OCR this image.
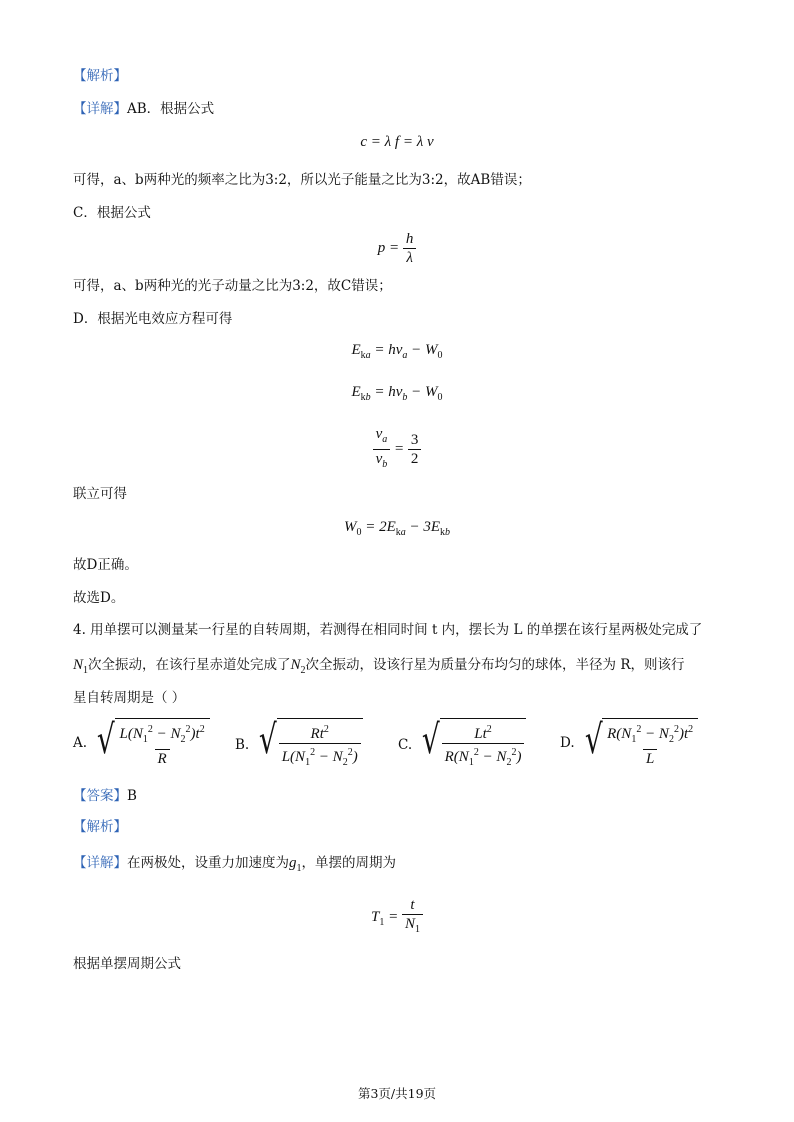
【解析】
【详解】AB．根据公式
c = λ f = λ ν
可得，a、b两种光的频率之比为3:2，所以光子能量之比为3:2，故AB错误；
C．根据公式
$p = \frac{h}{\lambda}$
可得，a、b两种光的光子动量之比为3:2，故C错误；
D．根据光电效应方程可得
$E_{ka} = h\nu_a - W_0$
$E_{kb} = h\nu_b - W_0$
$\frac{\nu_a}{\nu_b} = \frac{3}{2}$
联立可得
$W_0 = 2E_{ka} - 3E_{kb}$
故D正确。
故选D。
4. 用单摆可以测量某一行星的自转周期，若测得在相同时间 t 内，摆长为 L 的单摆在该行星两极处完成了
$N_1$次全振动，在该行星赤道处完成了$N_2$次全振动，设该行星为质量分布均匀的球体，半径为 R，则该行
星自转周期是（ ）
A. √ $\frac{L(N_1^2 - N_2^2)t^2}{R} B$. √ $\frac{Rt^2}{L(N_1^2 - N_2^2)}$	C. √ $\frac{Lt^2}{R(N_1^2 - N_2^2)}$	D. √ $\frac{R(N_1^2 - N_2^2)t^2}{L}$
【答案】B
【解析】
【详解】在两极处，设重力加速度为$g_1$，单摆的周期为
$T_1 = \frac{t}{N_1}$
根据单摆周期公式
第3页/共19页
